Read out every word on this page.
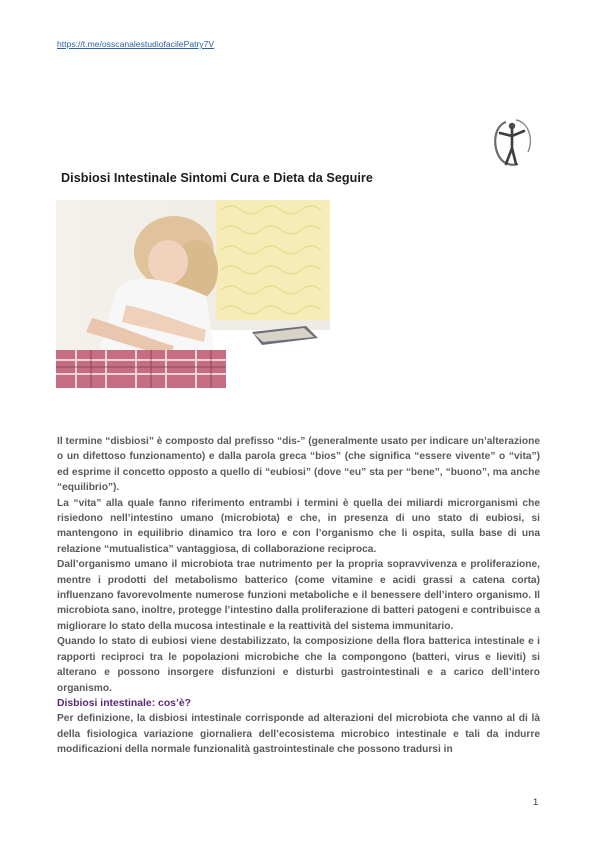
https://t.me/osscanalestudiofacilePatry7V
Disbiosi Intestinale Sintomi Cura e Dieta da Seguire

Il termine “disbiosi” è composto dal prefisso “dis-” (generalmente usato per indicare un’alterazione o un difettoso funzionamento) e dalla parola greca “bios” (che significa “essere vivente” o “vita”) ed esprime il concetto opposto a quello di “eubiosi” (dove “eu” sta per “bene”, “buono”, ma anche “equilibrio”).

La “vita” alla quale fanno riferimento entrambi i termini è quella dei miliardi microrganismi che risiedono nell’intestino umano (microbiota) e che, in presenza di uno stato di eubiosi, si mantengono in equilibrio dinamico tra loro e con l’organismo che li ospita, sulla base di una relazione “mutualistica” vantaggiosa, di collaborazione reciproca.

Dall’organismo umano il microbiota trae nutrimento per la propria sopravvivenza e proliferazione, mentre i prodotti del metabolismo batterico (come vitamine e acidi grassi a catena corta) influenzano favorevolmente numerose funzioni metaboliche e il benessere dell’intero organismo. Il microbiota sano, inoltre, protegge l’intestino dalla proliferazione di batteri patogeni e contribuisce a migliorare lo stato della mucosa intestinale e la reattività del sistema immunitario.

Quando lo stato di eubiosi viene destabilizzato, la composizione della flora batterica intestinale e i rapporti reciproci tra le popolazioni microbiche che la compongono (batteri, virus e lieviti) si alterano e possono insorgere disfunzioni e disturbi gastrointestinali e a carico dell’intero organismo.

Disbiosi intestinale: cos’è?

Per definizione, la disbiosi intestinale corrisponde ad alterazioni del microbiota che vanno al di là della fisiologica variazione giornaliera dell’ecosistema microbico intestinale e tali da indurre modificazioni della normale funzionalità gastrointestinale che possono tradursi in

1
